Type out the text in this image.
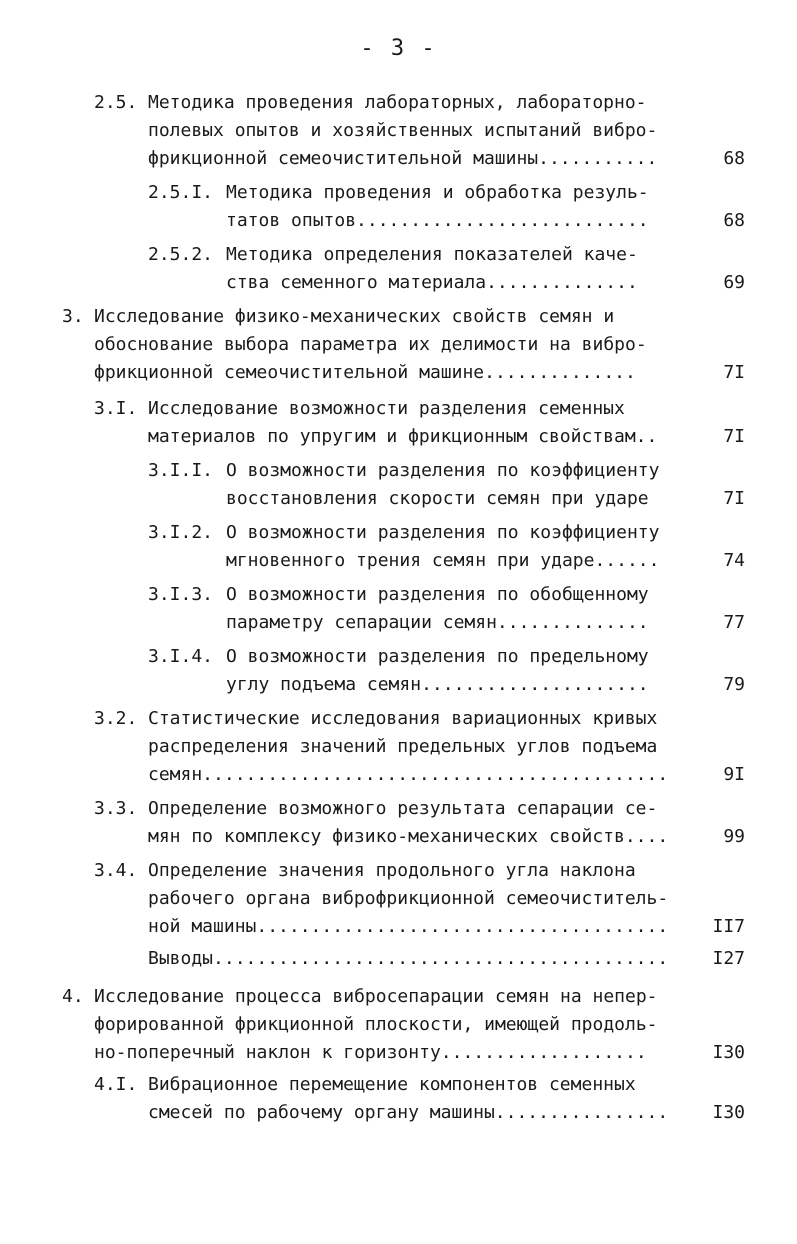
- 3 -
2.5. Методика проведения лабораторных, лабораторно-
полевых опытов и хозяйственных испытаний вибро-
фрикционной семеочистительной машины...........	68
2.5.I. Методика проведения и обработка резуль-
татов опытов...........................	68
2.5.2. Методика определения показателей каче-
ства семенного материала..............	69
3. Исследование физико-механических свойств семян и
обоснование выбора параметра их делимости на вибро-
фрикционной семеочистительной машине..............	7I
3.I. Исследование возможности разделения семенных
материалов по упругим и фрикционным свойствам..	7I
3.I.I. О возможности разделения по коэффициенту
восстановления скорости семян при ударе	7I
3.I.2. О возможности разделения по коэффициенту
мгновенного трения семян при ударе......	74
3.I.3. О возможности разделения по обобщенному
параметру сепарации семян..............	77
3.I.4. О возможности разделения по предельному
углу подъема семян.....................	79
3.2. Статистические исследования вариационных кривых
распределения значений предельных углов подъема
семян...........................................	9I
3.3. Определение возможного результата сепарации се-
мян по комплексу физико-механических свойств....	99
3.4. Определение значения продольного угла наклона
рабочего органа виброфрикционной семеочиститель-
ной машины...................................... II7
Выводы.......................................... I27
4. Исследование процесса вибросепарации семян на непер-
форированной фрикционной плоскости, имеющей продоль-
но-поперечный наклон к горизонту...................	I30
4.I. Вибрационное перемещение компонентов семенных
смесей по рабочему органу машины................ I30
